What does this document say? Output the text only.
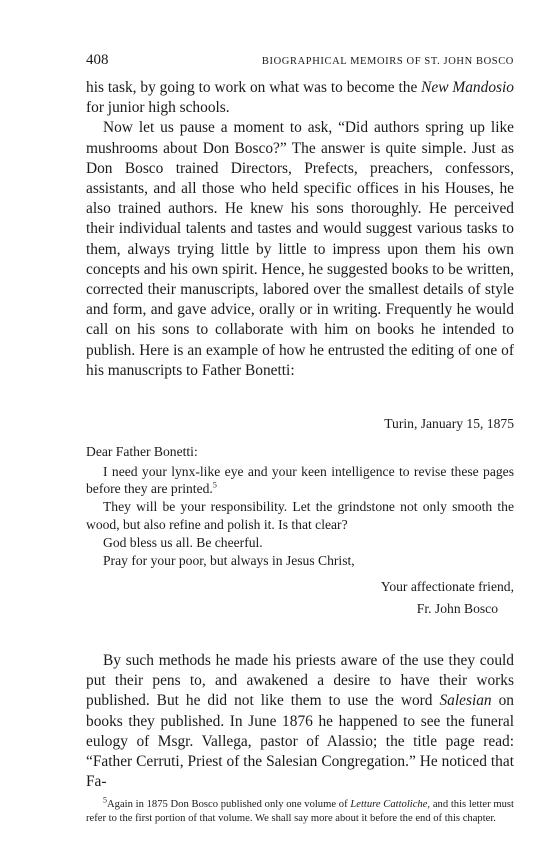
408	BIOGRAPHICAL MEMOIRS OF ST. JOHN BOSCO

his task, by going to work on what was to become the New Mandosio for junior high schools.

Now let us pause a moment to ask, “Did authors spring up like mushrooms about Don Bosco?” The answer is quite simple. Just as Don Bosco trained Directors, Prefects, preachers, confessors, assistants, and all those who held specific offices in his Houses, he also trained authors. He knew his sons thoroughly. He perceived their individual talents and tastes and would suggest various tasks to them, always trying little by little to impress upon them his own concepts and his own spirit. Hence, he suggested books to be written, corrected their manuscripts, labored over the smallest details of style and form, and gave advice, orally or in writing. Frequently he would call on his sons to collaborate with him on books he intended to publish. Here is an example of how he entrusted the editing of one of his manuscripts to Father Bonetti:

Turin, January 15, 1875

Dear Father Bonetti:

I need your lynx-like eye and your keen intelligence to revise these pages before they are printed.$^5$

They will be your responsibility. Let the grindstone not only smooth the wood, but also refine and polish it. Is that clear?

God bless us all. Be cheerful.

Pray for your poor, but always in Jesus Christ,

Your affectionate friend,

Fr. John Bosco

By such methods he made his priests aware of the use they could put their pens to, and awakened a desire to have their works published. But he did not like them to use the word Salesian on books they published. In June 1876 he happened to see the funeral eulogy of Msgr. Vallega, pastor of Alassio; the title page read: “Father Cerruti, Priest of the Salesian Congregation.” He noticed that Fa-

$^5$Again in 1875 Don Bosco published only one volume of Letture Cattoliche, and this letter must refer to the first portion of that volume. We shall say more about it before the end of this chapter.
